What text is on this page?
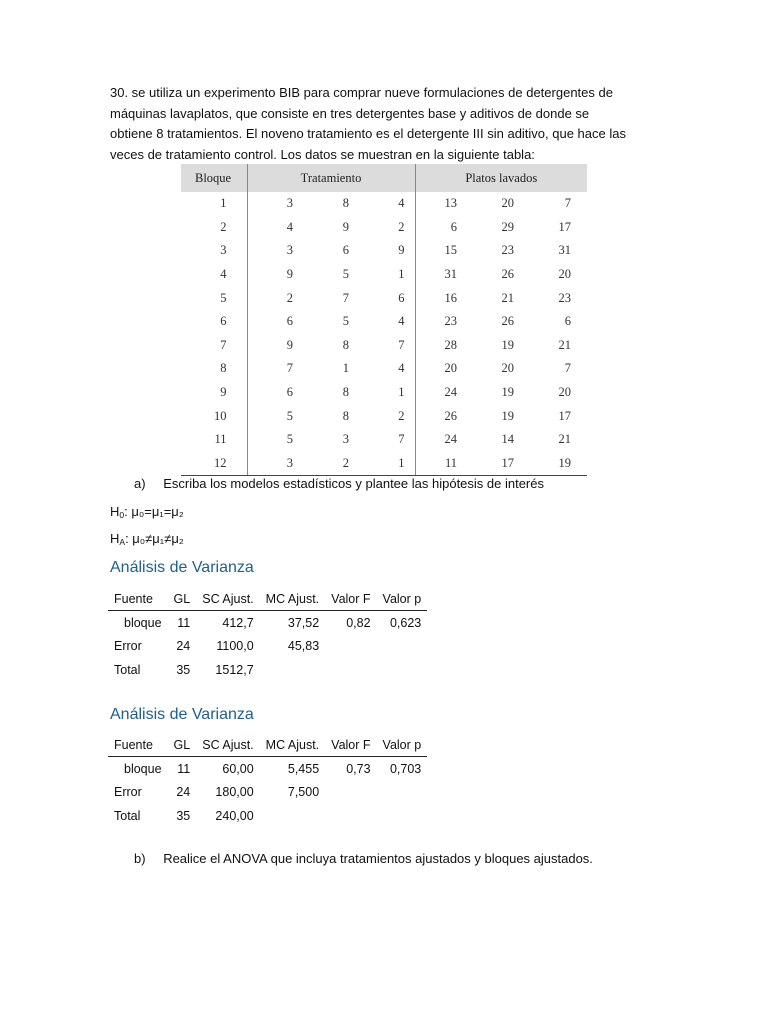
30. se utiliza un experimento BIB para comprar nueve formulaciones de detergentes de máquinas lavaplatos, que consiste en tres detergentes base y aditivos de donde se obtiene 8 tratamientos. El noveno tratamiento es el detergente III sin aditivo, que hace las veces de tratamiento control. Los datos se muestran en la siguiente tabla:
Bloque	Tratamiento			Platos lavados		
1	3	8	4	13	20	7
2	4	9	2	6	29	17
3	3	6	9	15	23	31
4	9	5	1	31	26	20
5	2	7	6	16	21	23
6	6	5	4	23	26	6
7	9	8	7	28	19	21
8	7	1	4	20	20	7
9	6	8	1	24	19	20
10	5	8	2	26	19	17
11	5	3	7	24	14	21
12	3	2	1	11	17	19
a) Escriba los modelos estadísticos y plantee las hipótesis de interés
H0: μ₀=μ₁=μ₂
HA: μ₀≠μ₁≠μ₂
Análisis de Varianza
Fuente	GL	SC Ajust.	MC Ajust.	Valor F	Valor p
bloque	11	412,7	37,52	0,82	0,623
Error	24	1100,0	45,83		
Total	35	1512,7			
Análisis de Varianza
Fuente	GL	SC Ajust.	MC Ajust.	Valor F	Valor p
bloque	11	60,00	5,455	0,73	0,703
Error	24	180,00	7,500		
Total	35	240,00			
b) Realice el ANOVA que incluya tratamientos ajustados y bloques ajustados.
